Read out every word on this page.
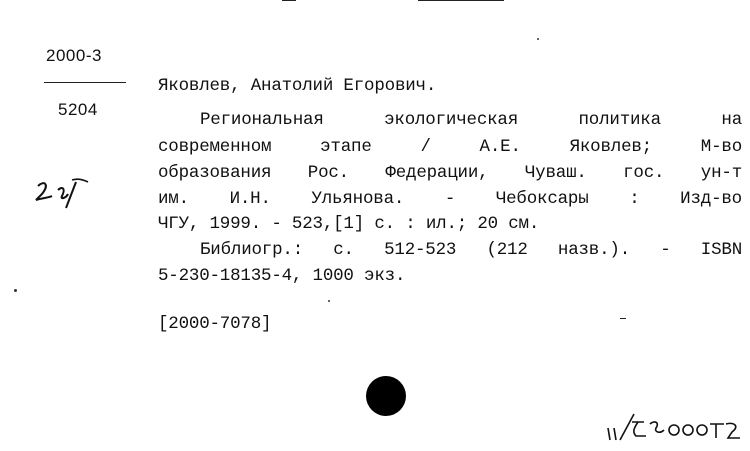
2000-3
5204
Яковлев, Анатолий Егорович.
Региональная экологическая политика на
современном этапе / А.Е. Яковлев; М-во
образования Рос. Федерации, Чуваш. гос. ун-т
им. И.Н. Ульянова. - Чебоксары : Изд-во
ЧГУ, 1999. - 523,[1] с. : ил.; 20 см.
Библиогр.: с. 512-523 (212 назв.). - ISBN
5-230-18135-4, 1000 экз.
[2000-7078]
